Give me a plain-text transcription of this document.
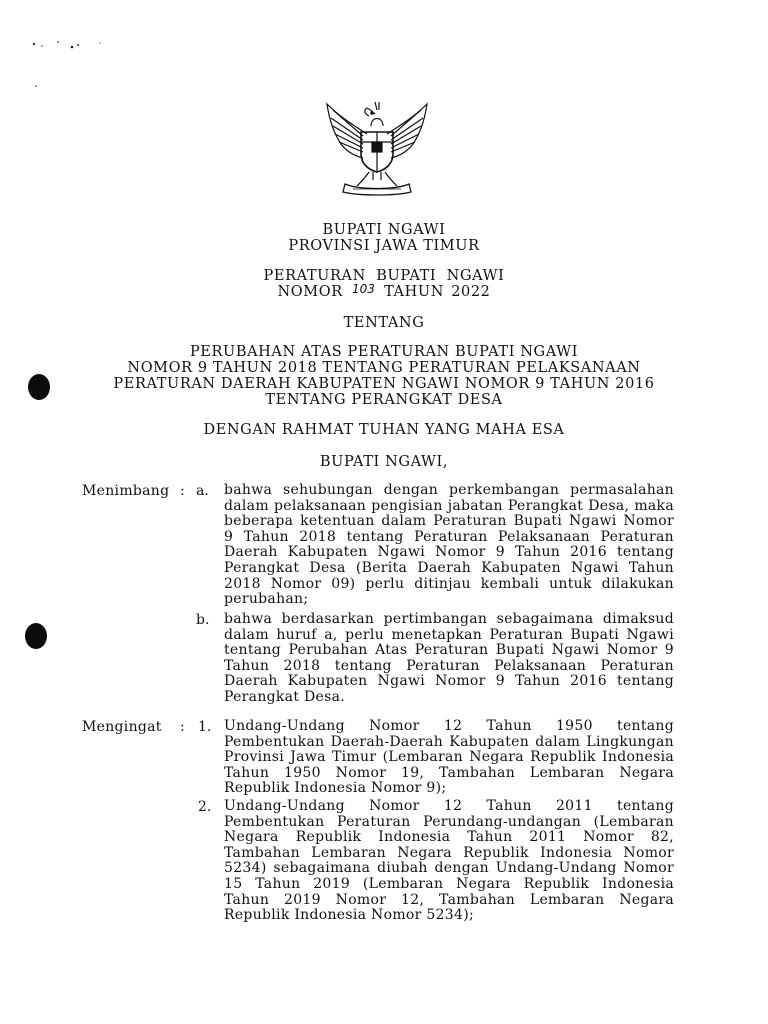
BUPATI NGAWI
PROVINSI JAWA TIMUR
PERATURAN  BUPATI  NGAWI
NOMOR $^{103}$ TAHUN 2022
TENTANG
PERUBAHAN ATAS PERATURAN BUPATI NGAWI
NOMOR 9 TAHUN 2018 TENTANG PERATURAN PELAKSANAAN
PERATURAN DAERAH KABUPATEN NGAWI NOMOR 9 TAHUN 2016
TENTANG PERANGKAT DESA
DENGAN RAHMAT TUHAN YANG MAHA ESA
BUPATI NGAWI,
Menimbang : a. bahwa sehubungan dengan perkembangan permasalahan dalam pelaksanaan pengisian jabatan Perangkat Desa, maka beberapa ketentuan dalam Peraturan Bupati Ngawi Nomor 9 Tahun 2018 tentang Peraturan Pelaksanaan Peraturan Daerah Kabupaten Ngawi Nomor 9 Tahun 2016 tentang Perangkat Desa (Berita Daerah Kabupaten Ngawi Tahun 2018 Nomor 09) perlu ditinjau kembali untuk dilakukan perubahan;
b. bahwa berdasarkan pertimbangan sebagaimana dimaksud dalam huruf a, perlu menetapkan Peraturan Bupati Ngawi tentang Perubahan Atas Peraturan Bupati Ngawi Nomor 9 Tahun 2018 tentang Peraturan Pelaksanaan Peraturan Daerah Kabupaten Ngawi Nomor 9 Tahun 2016 tentang Perangkat Desa.
Mengingat : 1. Undang-Undang Nomor 12 Tahun 1950 tentang Pembentukan Daerah-Daerah Kabupaten dalam Lingkungan Provinsi Jawa Timur (Lembaran Negara Republik Indonesia Tahun 1950 Nomor 19, Tambahan Lembaran Negara Republik Indonesia Nomor 9);
2. Undang-Undang Nomor 12 Tahun 2011 tentang Pembentukan Peraturan Perundang-undangan (Lembaran Negara Republik Indonesia Tahun 2011 Nomor 82, Tambahan Lembaran Negara Republik Indonesia Nomor 5234) sebagaimana diubah dengan Undang-Undang Nomor 15 Tahun 2019 (Lembaran Negara Republik Indonesia Tahun 2019 Nomor 12, Tambahan Lembaran Negara Republik Indonesia Nomor 5234);
